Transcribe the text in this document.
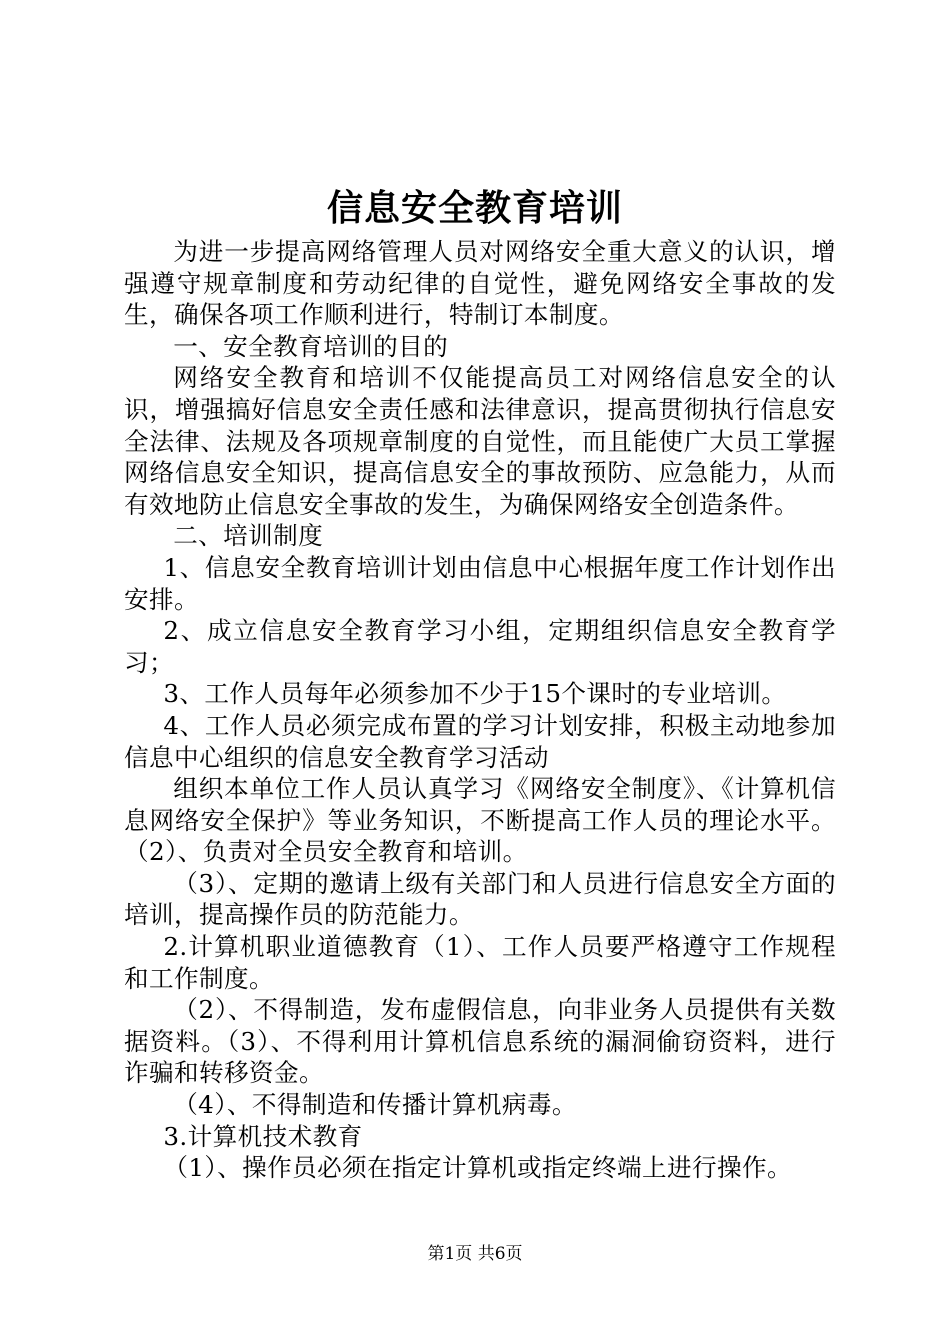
信息安全教育培训

为进一步提高网络管理人员对网络安全重大意义的认识，增强遵守规章制度和劳动纪律的自觉性，避免网络安全事故的发生，确保各项工作顺利进行，特制订本制度。

一、安全教育培训的目的

网络安全教育和培训不仅能提高员工对网络信息安全的认识，增强搞好信息安全责任感和法律意识，提高贯彻执行信息安全法律、法规及各项规章制度的自觉性，而且能使广大员工掌握网络信息安全知识，提高信息安全的事故预防、应急能力，从而有效地防止信息安全事故的发生，为确保网络安全创造条件。

二、培训制度

1、信息安全教育培训计划由信息中心根据年度工作计划作出安排。

2、成立信息安全教育学习小组，定期组织信息安全教育学习；

3、工作人员每年必须参加不少于15个课时的专业培训。

4、工作人员必须完成布置的学习计划安排，积极主动地参加信息中心组织的信息安全教育学习活动

组织本单位工作人员认真学习《网络安全制度》、《计算机信息网络安全保护》等业务知识，不断提高工作人员的理论水平。（2）、负责对全员安全教育和培训。

（3）、定期的邀请上级有关部门和人员进行信息安全方面的培训，提高操作员的防范能力。

2.计算机职业道德教育（1）、工作人员要严格遵守工作规程和工作制度。

（2）、不得制造，发布虚假信息，向非业务人员提供有关数据资料。（3）、不得利用计算机信息系统的漏洞偷窃资料，进行诈骗和转移资金。

（4）、不得制造和传播计算机病毒。

3.计算机技术教育

（1）、操作员必须在指定计算机或指定终端上进行操作。

第1页 共6页
